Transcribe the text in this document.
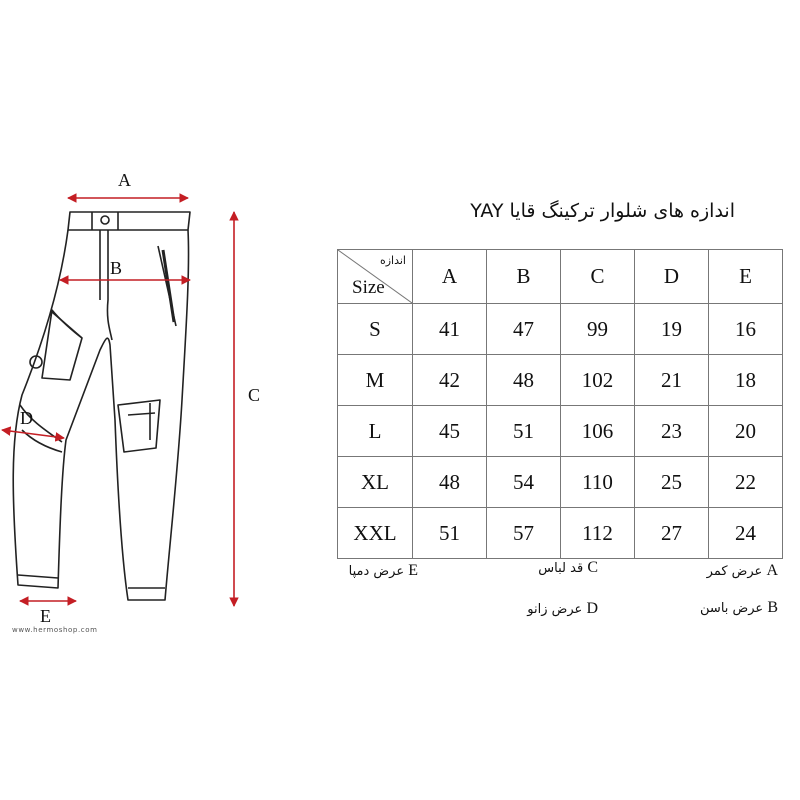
A
B
C
D
E
www.hermoshop.com
اندازه های شلوار ترکینگ قایا YAY
اندازه
Size	A	B	C	D	E
S	41	47	99	19	16
M	42	48	102	21	18
L	45	51	106	23	20
XL	48	54	110	25	22
XXL	51	57	112	27	24
A عرض کمر
C قد لباس
E عرض دمپا
B عرض باسن
D عرض زانو
